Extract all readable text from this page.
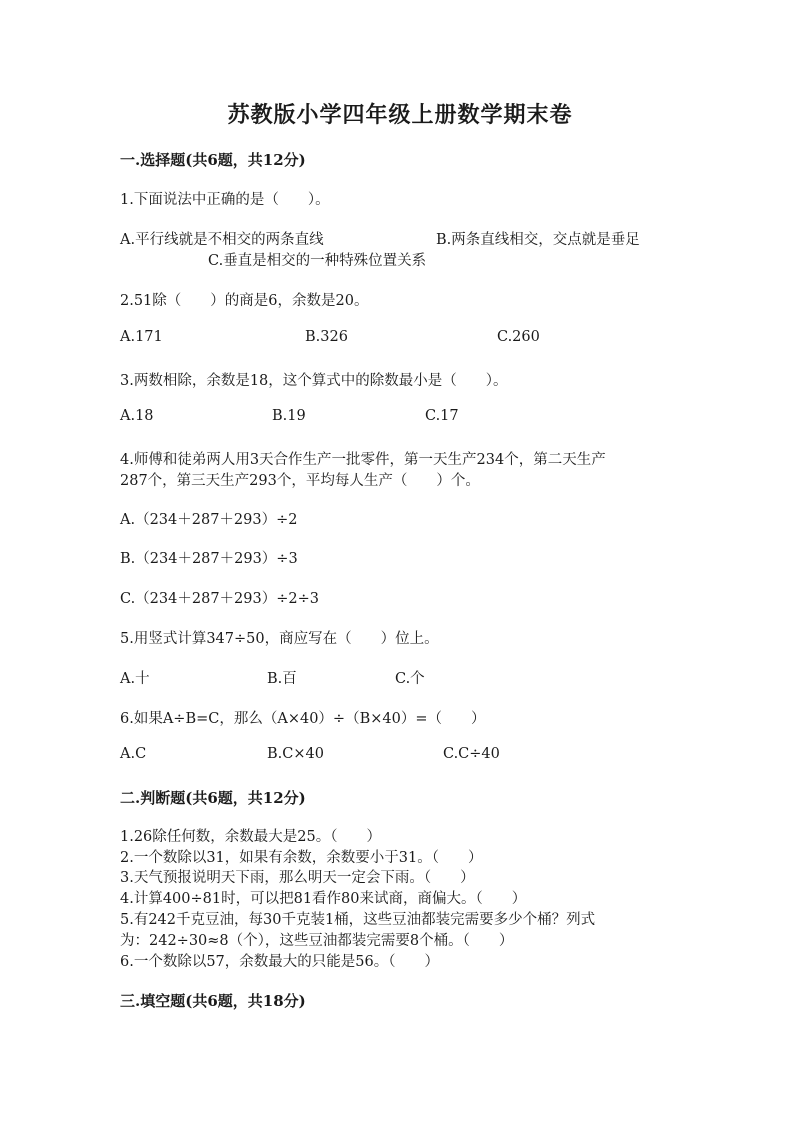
苏教版小学四年级上册数学期末卷
一.选择题(共6题，共12分)
1.下面说法中正确的是（　　）。
A.平行线就是不相交的两条直线	B.两条直线相交，交点就是垂足
C.垂直是相交的一种特殊位置关系
2.51除（　　）的商是6，余数是20。
A.171	B.326	C.260
3.两数相除，余数是18，这个算式中的除数最小是（　　）。
A.18	B.19	C.17
4.师傅和徒弟两人用3天合作生产一批零件，第一天生产234个，第二天生产
287个，第三天生产293个，平均每人生产（　　）个。
A.（234＋287＋293）÷2
B.（234＋287＋293）÷3
C.（234＋287＋293）÷2÷3
5.用竖式计算347÷50，商应写在（　　）位上。
A.十	B.百	C.个
6.如果A÷B=C，那么（A×40）÷（B×40）=（　　）
A.C	B.C×40	C.C÷40
二.判断题(共6题，共12分)
1.26除任何数，余数最大是25。（　　）
2.一个数除以31，如果有余数，余数要小于31。（　　）
3.天气预报说明天下雨，那么明天一定会下雨。（　　）
4.计算400÷81时，可以把81看作80来试商，商偏大。（　　）
5.有242千克豆油，每30千克装1桶，这些豆油都装完需要多少个桶？列式
为：242÷30≈8（个），这些豆油都装完需要8个桶。（　　）
6.一个数除以57，余数最大的只能是56。（　　）
三.填空题(共6题，共18分)
